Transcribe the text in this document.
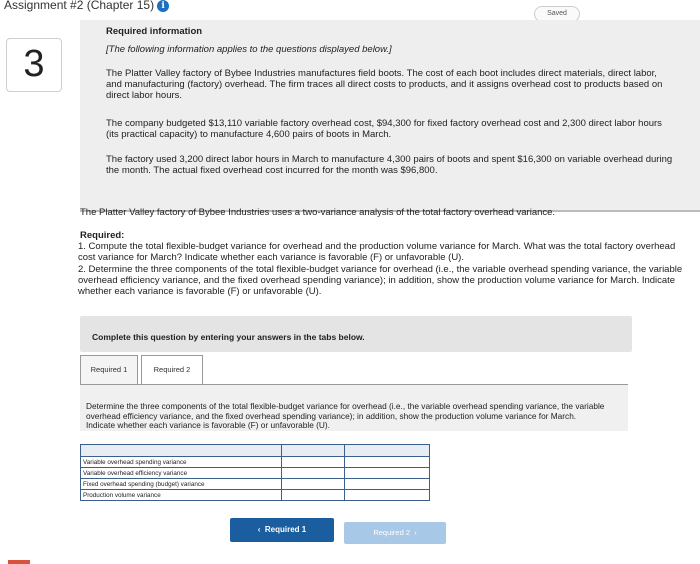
Assignment #2 (Chapter 15) i
Saved
3
Required information
[The following information applies to the questions displayed below.]
The Platter Valley factory of Bybee Industries manufactures field boots. The cost of each boot includes direct materials, direct labor, and manufacturing (factory) overhead. The firm traces all direct costs to products, and it assigns overhead cost to products based on direct labor hours.
The company budgeted $13,110 variable factory overhead cost, $94,300 for fixed factory overhead cost and 2,300 direct labor hours (its practical capacity) to manufacture 4,600 pairs of boots in March.
The factory used 3,200 direct labor hours in March to manufacture 4,300 pairs of boots and spent $16,300 on variable overhead during the month. The actual fixed overhead cost incurred for the month was $96,800.
The Platter Valley factory of Bybee Industries uses a two-variance analysis of the total factory overhead variance.
Required:
1. Compute the total flexible-budget variance for overhead and the production volume variance for March. What was the total factory overhead cost variance for March? Indicate whether each variance is favorable (F) or unfavorable (U).
2. Determine the three components of the total flexible-budget variance for overhead (i.e., the variable overhead spending variance, the variable overhead efficiency variance, and the fixed overhead spending variance); in addition, show the production volume variance for March. Indicate whether each variance is favorable (F) or unfavorable (U).
Complete this question by entering your answers in the tabs below.
Required 1	Required 2
Determine the three components of the total flexible-budget variance for overhead (i.e., the variable overhead spending variance, the variable overhead efficiency variance, and the fixed overhead spending variance); in addition, show the production volume variance for March. Indicate whether each variance is favorable (F) or unfavorable (U).

Variable overhead spending variance		
Variable overhead efficiency variance		
Fixed overhead spending (budget) variance		
Production volume variance		
‹ Required 1	Required 2 ›
